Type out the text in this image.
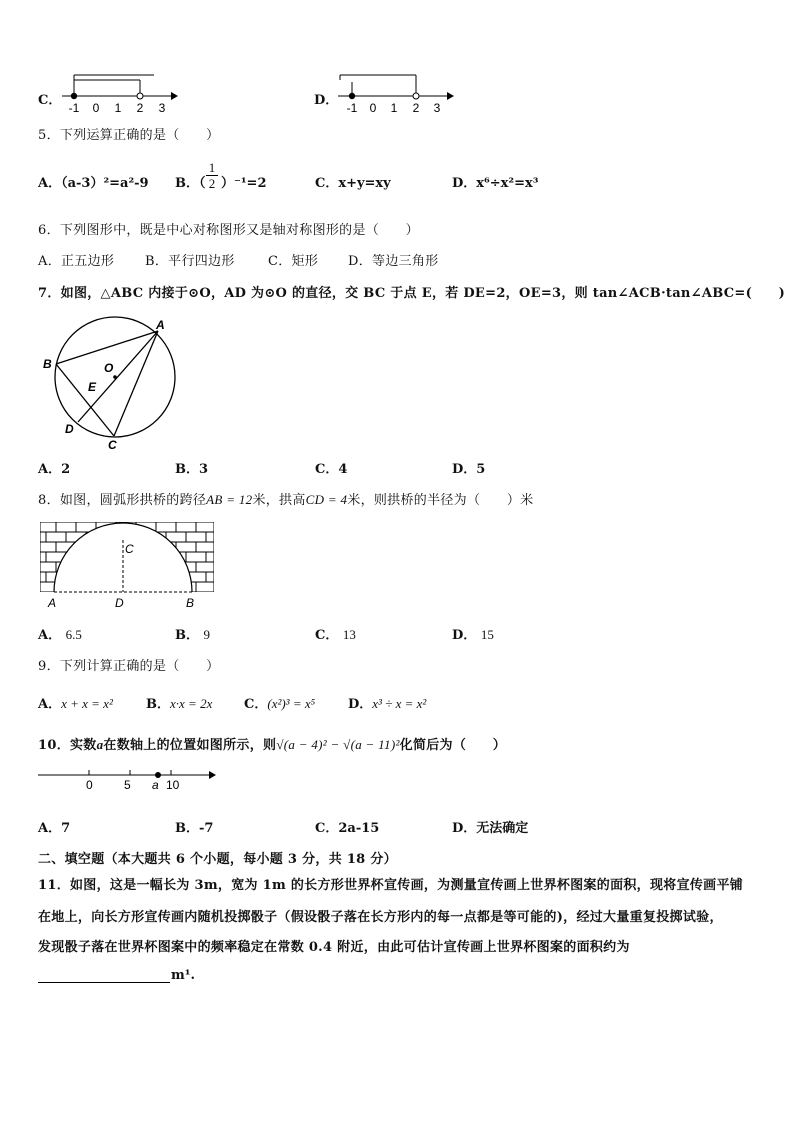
C． -1 0 1 2 3	D． -1 0 1 2 3
5．下列运算正确的是（　　）
A．（a-3）²=a²-9 B．（ $\frac{1}{2} )^{-1}=2$	C．x+y=xy	D．x⁶÷x²=x³
6．下列图形中，既是中心对称图形又是轴对称图形的是（　　）
A．正五边形 B．平行四边形	C．矩形 D．等边三角形
7．如图，△ABC 内接于⊙O，AD 为⊙O 的直径，交 BC 于点 E，若 DE=2，OE=3，则 tan∠ACB·tan∠ABC=(　　)
A
B	O
E
D
C
A．2	B．3	C．4	D．5
8．如图，圆弧形拱桥的跨径AB = 12米，拱高CD = 4米，则拱桥的半径为（　　）米
C
A	D	B
A． 6.5	B． 9	C． 13	D． 15
9．下列计算正确的是（　　）
A．x + x = x²	B．x·x = 2x C．(x²)³ = x⁵	D．x³ ÷ x = x²
10．实数a在数轴上的位置如图所示，则√(a − 4)² − √(a − 11)²化简后为（　　）
0	5 a 10
A．7	B．-7	C．2a-15	D．无法确定
二、填空题（本大题共 6 个小题，每小题 3 分，共 18 分）
11．如图，这是一幅长为 3m，宽为 1m 的长方形世界杯宣传画，为测量宣传画上世界杯图案的面积，现将宣传画平铺
在地上，向长方形宣传画内随机投掷骰子（假设骰子落在长方形内的每一点都是等可能的)，经过大量重复投掷试验，
发现骰子落在世界杯图案中的频率稳定在常数 0.4 附近，由此可估计宣传画上世界杯图案的面积约为
m¹.
